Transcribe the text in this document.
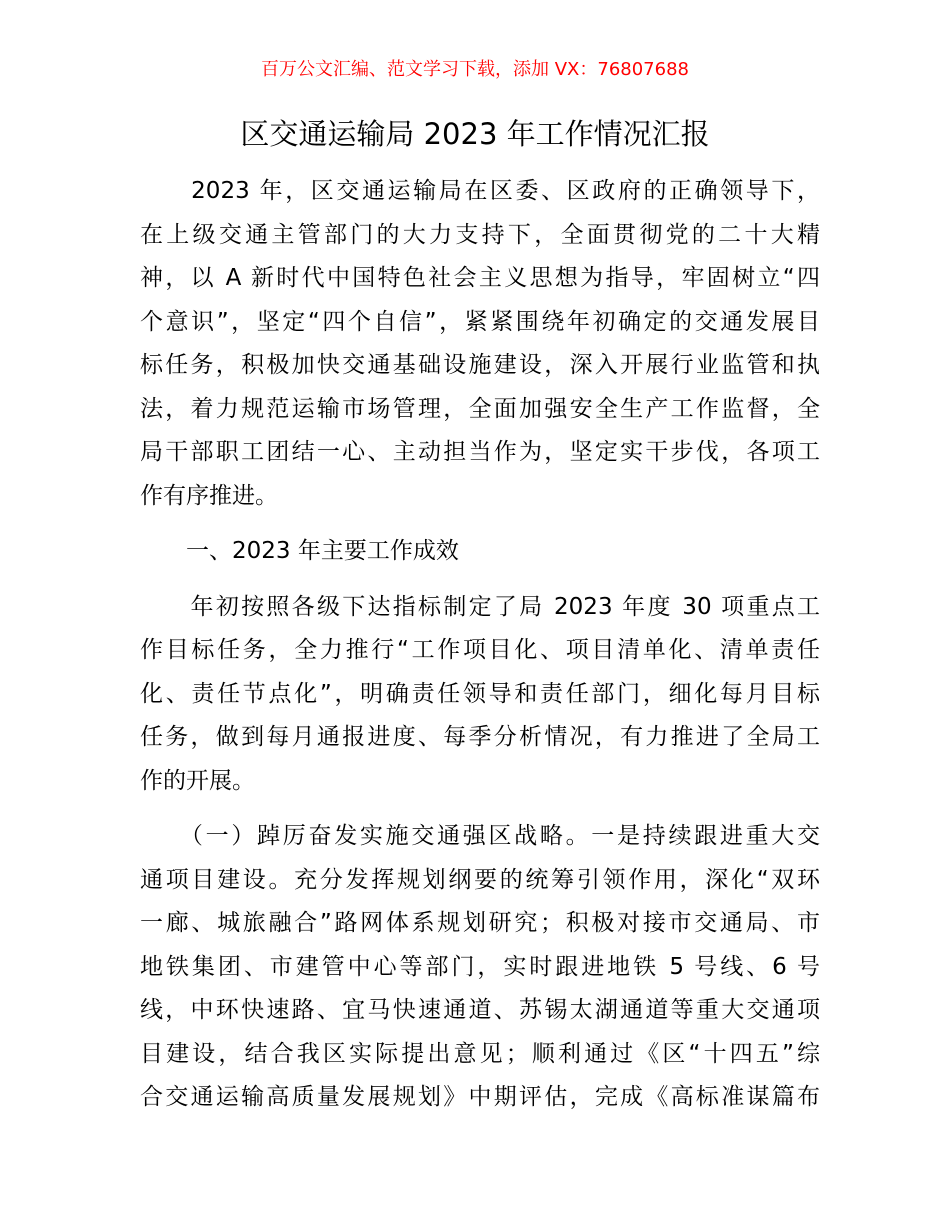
百万公文汇编、范文学习下载，添加 VX：76807688
区交通运输局 2023 年工作情况汇报
　　2023 年，区交通运输局在区委、区政府的正确领导下，
在上级交通主管部门的大力支持下，全面贯彻党的二十大精
神，以 A 新时代中国特色社会主义思想为指导，牢固树立“四
个意识”，坚定“四个自信”，紧紧围绕年初确定的交通发展目
标任务，积极加快交通基础设施建设，深入开展行业监管和执
法，着力规范运输市场管理，全面加强安全生产工作监督，全
局干部职工团结一心、主动担当作为，坚定实干步伐，各项工
作有序推进。
　　一、2023 年主要工作成效
　　年初按照各级下达指标制定了局 2023 年度 30 项重点工
作目标任务，全力推行“工作项目化、项目清单化、清单责任
化、责任节点化”，明确责任领导和责任部门，细化每月目标
任务，做到每月通报进度、每季分析情况，有力推进了全局工
作的开展。
　　（一）踔厉奋发实施交通强区战略。一是持续跟进重大交
通项目建设。充分发挥规划纲要的统筹引领作用，深化“双环
一廊、城旅融合”路网体系规划研究；积极对接市交通局、市
地铁集团、市建管中心等部门，实时跟进地铁 5 号线、6 号
线，中环快速路、宜马快速通道、苏锡太湖通道等重大交通项
目建设，结合我区实际提出意见；顺利通过《区“十四五”综
合交通运输高质量发展规划》中期评估，完成《高标准谋篇布
